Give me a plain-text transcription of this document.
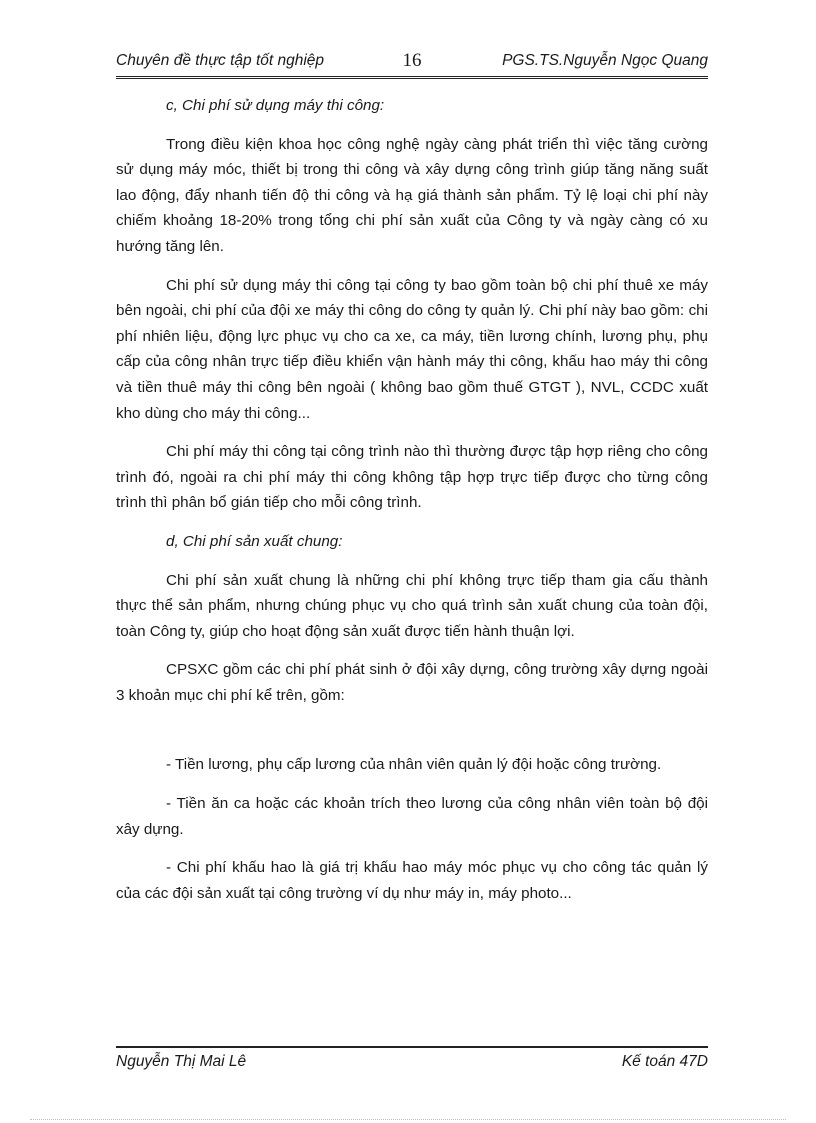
Chuyên đề thực tập tốt nghiệp	16	PGS.TS.Nguyễn Ngọc Quang

c, Chi phí sử dụng máy thi công:

Trong điều kiện khoa học công nghệ ngày càng phát triển thì việc tăng cường sử dụng máy móc, thiết bị trong thi công và xây dựng công trình giúp tăng năng suất lao động, đẩy nhanh tiến độ thi công và hạ giá thành sản phẩm. Tỷ lệ loại chi phí này chiếm khoảng 18-20% trong tổng chi phí sản xuất của Công ty và ngày càng có xu hướng tăng lên.

Chi phí sử dụng máy thi công tại công ty bao gồm toàn bộ chi phí thuê xe máy bên ngoài, chi phí của đội xe máy thi công do công ty quản lý. Chi phí này bao gồm: chi phí nhiên liệu, động lực phục vụ cho ca xe, ca máy, tiền lương chính, lương phụ, phụ cấp của công nhân trực tiếp điều khiển vận hành máy thi công, khấu hao máy thi công và tiền thuê máy thi công bên ngoài ( không bao gồm thuế GTGT ), NVL, CCDC xuất kho dùng cho máy thi công...

Chi phí máy thi công tại công trình nào thì thường được tập hợp riêng cho công trình đó, ngoài ra chi phí máy thi công không tập hợp trực tiếp được cho từng công trình thì phân bổ gián tiếp cho mỗi công trình.

d, Chi phí sản xuất chung:

Chi phí sản xuất chung là những chi phí không trực tiếp tham gia cấu thành thực thể sản phẩm, nhưng chúng phục vụ cho quá trình sản xuất chung của toàn đội, toàn Công ty, giúp cho hoạt động sản xuất được tiến hành thuận lợi.

CPSXC gồm các chi phí phát sinh ở đội xây dựng, công trường xây dựng ngoài 3 khoản mục chi phí kể trên, gồm:

- Tiền lương, phụ cấp lương của nhân viên quản lý đội hoặc công trường.

- Tiền ăn ca hoặc các khoản trích theo lương của công nhân viên toàn bộ đội xây dựng.

- Chi phí khấu hao là giá trị khấu hao máy móc phục vụ cho công tác quản lý của các đội sản xuất tại công trường ví dụ như máy in, máy photo...

Nguyễn Thị Mai Lê	Kế toán 47D
